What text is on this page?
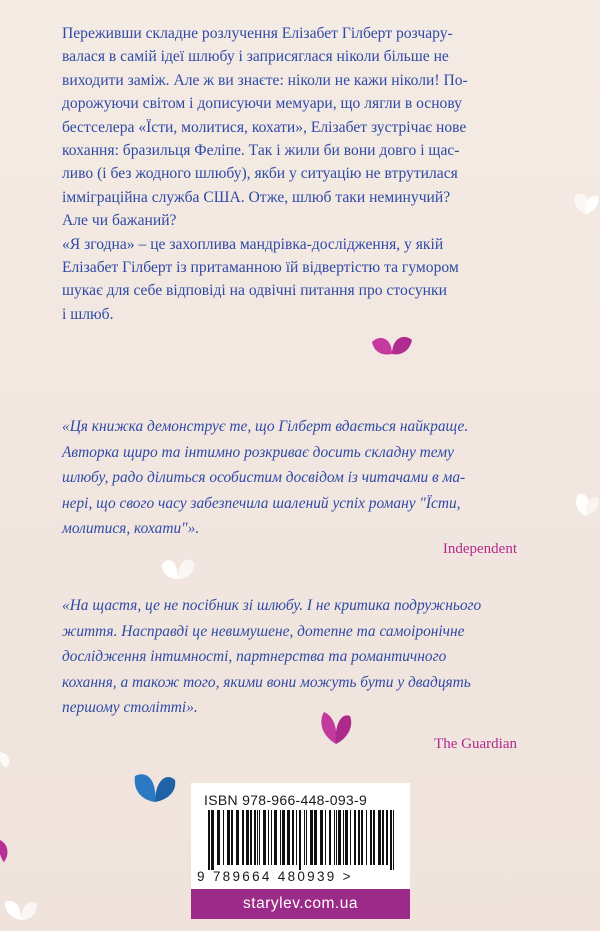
Переживши складне розлучення Елізабет Гілберт розчару-

валася в самій ідеї шлюбу і заприсяглася ніколи більше не

виходити заміж. Але ж ви знаєте: ніколи не кажи ніколи! По-

дорожуючи світом і дописуючи мемуари, що лягли в основу

бестселера «Їсти, молитися, кохати», Елізабет зустрічає нове

кохання: бразильця Феліпе. Так і жили би вони довго і щас-

ливо (і без жодного шлюбу), якби у ситуацію не втрутилася

імміграційна служба США. Отже, шлюб таки неминучий?

Але чи бажаний?

«Я згодна» – це захоплива мандрівка-дослідження, у якій

Елізабет Гілберт із притаманною їй відвертістю та гумором

шукає для себе відповіді на одвічні питання про стосунки

і шлюб.

«Ця книжка демонструє те, що Гілберт вдається найкраще.

Авторка щиро та інтимно розкриває досить складну тему

шлюбу, радо ділиться особистим досвідом із читачами в ма-

нері, що свого часу забезпечила шалений успіх роману "Їсти,

молитися, кохати"».

Independent

«На щастя, це не посібник зі шлюбу. І не критика подружнього

життя. Насправді це невимушене, дотепне та самоіронічне

дослідження інтимності, партнерства та романтичного

кохання, а також того, якими вони можуть бути у двадцять

першому столітті».

The Guardian
ISBN 978-966-448-093-9
9 789664 480939 >
starylev.com.ua
